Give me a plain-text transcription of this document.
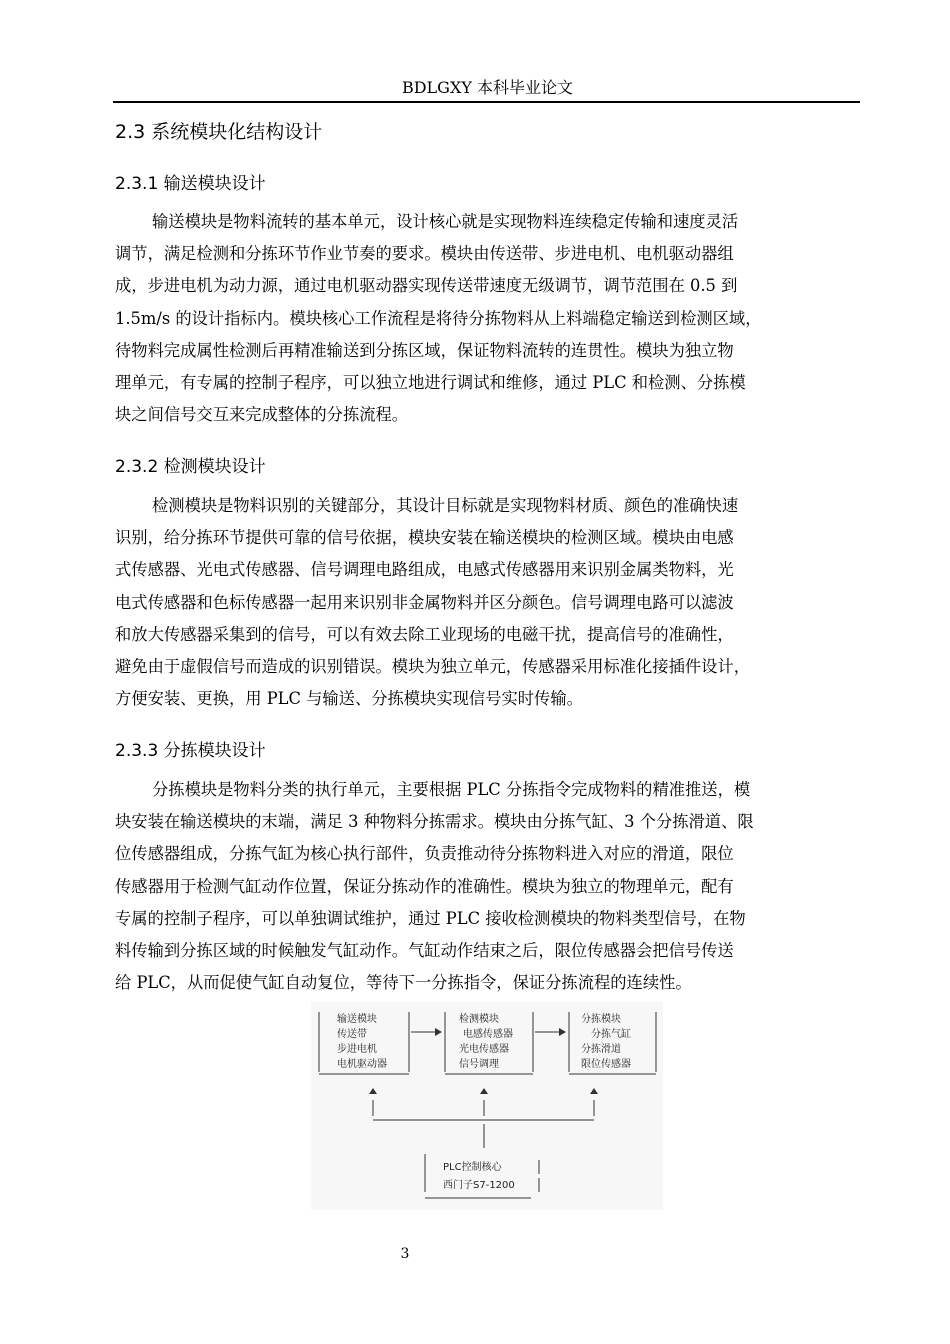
BDLGXY 本科毕业论文
2.3 系统模块化结构设计
2.3.1 输送模块设计
输送模块是物料流转的基本单元，设计核心就是实现物料连续稳定传输和速度灵活
调节，满足检测和分拣环节作业节奏的要求。模块由传送带、步进电机、电机驱动器组
成，步进电机为动力源，通过电机驱动器实现传送带速度无级调节，调节范围在 0.5 到
1.5m/s 的设计指标内。模块核心工作流程是将待分拣物料从上料端稳定输送到检测区域，
待物料完成属性检测后再精准输送到分拣区域，保证物料流转的连贯性。模块为独立物
理单元，有专属的控制子程序，可以独立地进行调试和维修，通过 PLC 和检测、分拣模
块之间信号交互来完成整体的分拣流程。
2.3.2 检测模块设计
检测模块是物料识别的关键部分，其设计目标就是实现物料材质、颜色的准确快速
识别，给分拣环节提供可靠的信号依据，模块安装在输送模块的检测区域。模块由电感
式传感器、光电式传感器、信号调理电路组成，电感式传感器用来识别金属类物料，光
电式传感器和色标传感器一起用来识别非金属物料并区分颜色。信号调理电路可以滤波
和放大传感器采集到的信号，可以有效去除工业现场的电磁干扰，提高信号的准确性，
避免由于虚假信号而造成的识别错误。模块为独立单元，传感器采用标准化接插件设计，
方便安装、更换，用 PLC 与输送、分拣模块实现信号实时传输。
2.3.3 分拣模块设计
分拣模块是物料分类的执行单元，主要根据 PLC 分拣指令完成物料的精准推送，模
块安装在输送模块的末端，满足 3 种物料分拣需求。模块由分拣气缸、3 个分拣滑道、限
位传感器组成，分拣气缸为核心执行部件，负责推动待分拣物料进入对应的滑道，限位
传感器用于检测气缸动作位置，保证分拣动作的准确性。模块为独立的物理单元，配有
专属的控制子程序，可以单独调试维护，通过 PLC 接收检测模块的物料类型信号，在物
料传输到分拣区域的时候触发气缸动作。气缸动作结束之后，限位传感器会把信号传送
给 PLC，从而促使气缸自动复位，等待下一分拣指令，保证分拣流程的连续性。
输送模块
传送带
步进电机
电机驱动器
检测模块
电感传感器
光电传感器
信号调理
分拣模块
分拣气缸
分拣滑道
限位传感器
PLC控制核心
西门子S7-1200
3
